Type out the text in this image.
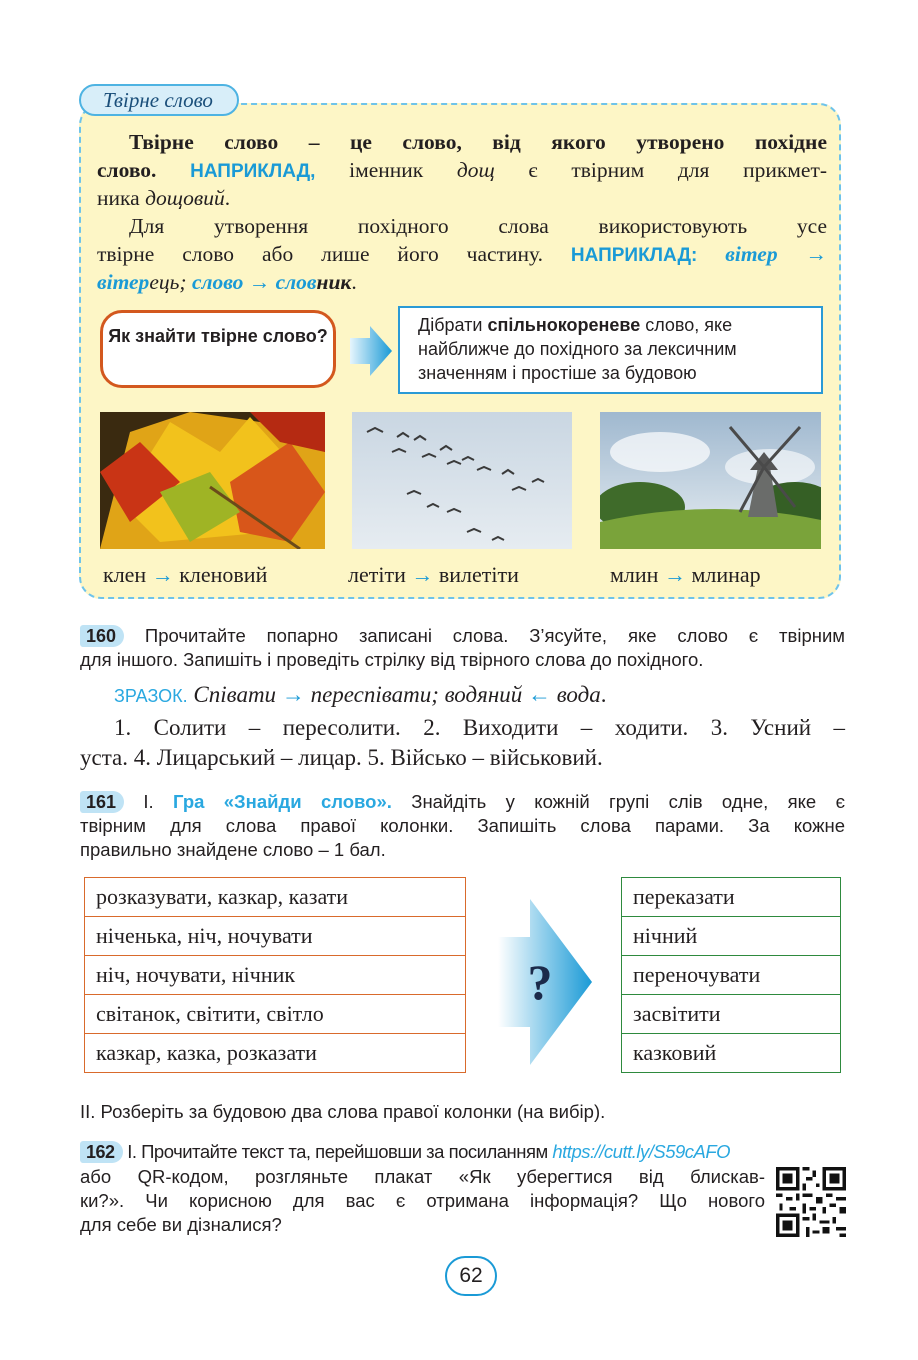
Твірне слово
Твірне слово – це слово, від якого утворено похідне
слово. НАПРИКЛАД, іменник дощ є твірним для прикмет-
ника дощовий.
Для утворення похідного слова використовують усе
твірне слово або лише його частину. НАПРИКЛАД: вітер →
вітерець; слово → словник.
Як знайти твірне слово?
Дібрати спільнокореневе слово, яке найближче до похідного за лексичним значенням і простіше за будовою
клен → кленовий	летіти → вилетіти	млин → млинар
160 Прочитайте попарно записані слова. З’ясуйте, яке слово є твірним
для іншого. Запишіть і проведіть стрілку від твірного слова до похідного.
ЗРАЗОК. Співати → переспівати; водяний ← вода.
1. Солити – пересолити. 2. Виходити – ходити. 3. Усний –
уста. 4. Лицарський – лицар. 5. Військо – військовий.
161 І. Гра «Знайди слово». Знайдіть у кожній групі слів одне, яке є
твірним для слова правої колонки. Запишіть слова парами. За кожне
правильно знайдене слово – 1 бал.
розказувати, казкар, казати
ніченька, ніч, ночувати
ніч, ночувати, нічник
світанок, світити, світло
казкар, казка, розказати
?
переказати
нічний
переночувати
засвітити
казковий
ІІ. Розберіть за будовою два слова правої колонки (на вибір).
162 І. Прочитайте текст та, перейшовши за посиланням https://cutt.ly/S59cAFO
або QR-кодом, розгляньте плакат «Як уберегтися від блискав-
ки?». Чи корисною для вас є отримана інформація? Що нового
для себе ви дізналися?
62
